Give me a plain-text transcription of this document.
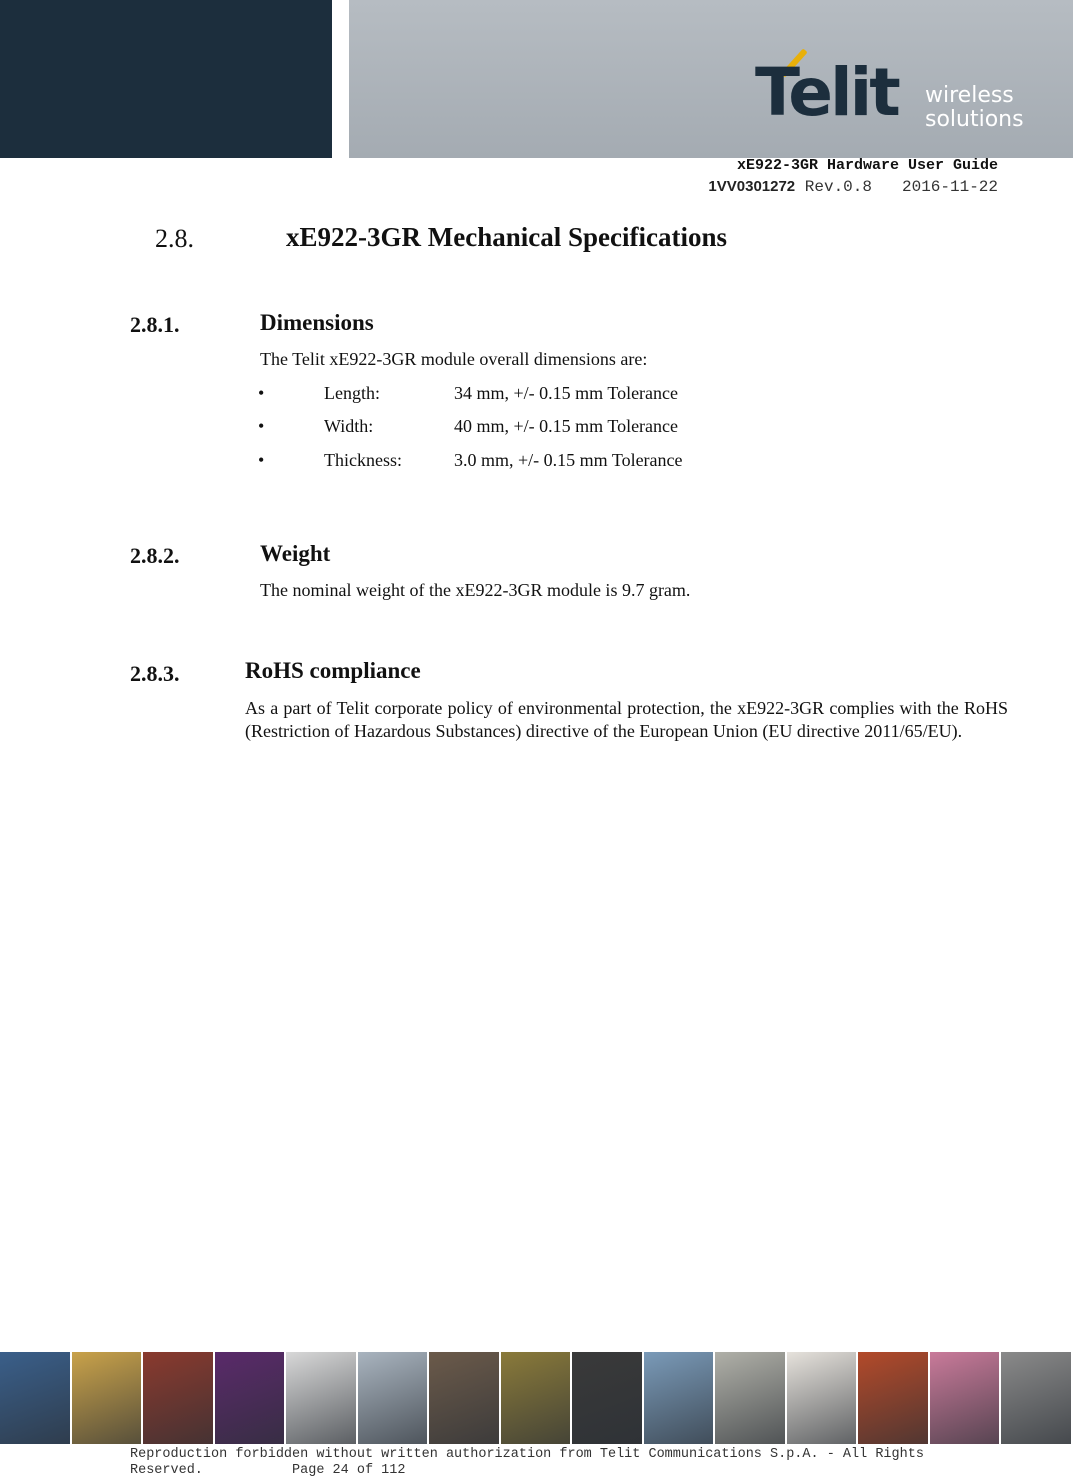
Telit wireless
solutions
xE922-3GR Hardware User Guide
1VV0301272 Rev.0.8 2016-11-22
2.8.	xE922-3GR Mechanical Specifications
2.8.1.	Dimensions
The Telit xE922-3GR module overall dimensions are:
•	Length:	34 mm, +/- 0.15 mm Tolerance
•	Width:	40 mm, +/- 0.15 mm Tolerance
•	Thickness:	3.0 mm, +/- 0.15 mm Tolerance
2.8.2.	Weight
The nominal weight of the xE922-3GR module is 9.7 gram.
2.8.3.	RoHS compliance
As a part of Telit corporate policy of environmental protection, the xE922-3GR complies with the RoHS (Restriction of Hazardous Substances) directive of the European Union (EU directive 2011/65/EU).
Reproduction forbidden without written authorization from Telit Communications S.p.A. - All Rights
Reserved.	Page 24 of 112
